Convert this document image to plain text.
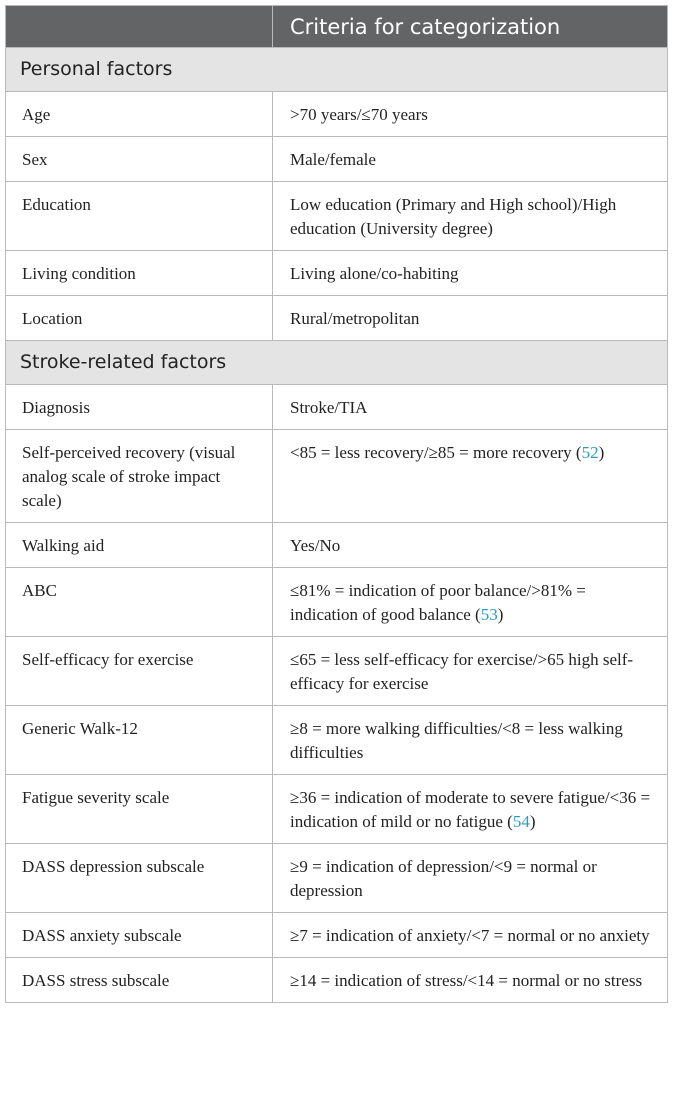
	Criteria for categorization
Personal factors	
Age	>70 years/≤70 years
Sex	Male/female
Education	Low education (Primary and High school)/High education (University degree)
Living condition	Living alone/co-habiting
Location	Rural/metropolitan
Stroke-related factors	
Diagnosis	Stroke/TIA
Self-perceived recovery (visual analog scale of stroke impact scale)	<85 = less recovery/≥85 = more recovery (52)
Walking aid	Yes/No
ABC	≤81% = indication of poor balance/>81% = indication of good balance (53)
Self-efficacy for exercise	≤65 = less self-efficacy for exercise/>65 high self-efficacy for exercise
Generic Walk-12	≥8 = more walking difficulties/<8 = less walking difficulties
Fatigue severity scale	≥36 = indication of moderate to severe fatigue/<36 = indication of mild or no fatigue (54)
DASS depression subscale	≥9 = indication of depression/<9 = normal or depression
DASS anxiety subscale	≥7 = indication of anxiety/<7 = normal or no anxiety
DASS stress subscale	≥14 = indication of stress/<14 = normal or no stress
